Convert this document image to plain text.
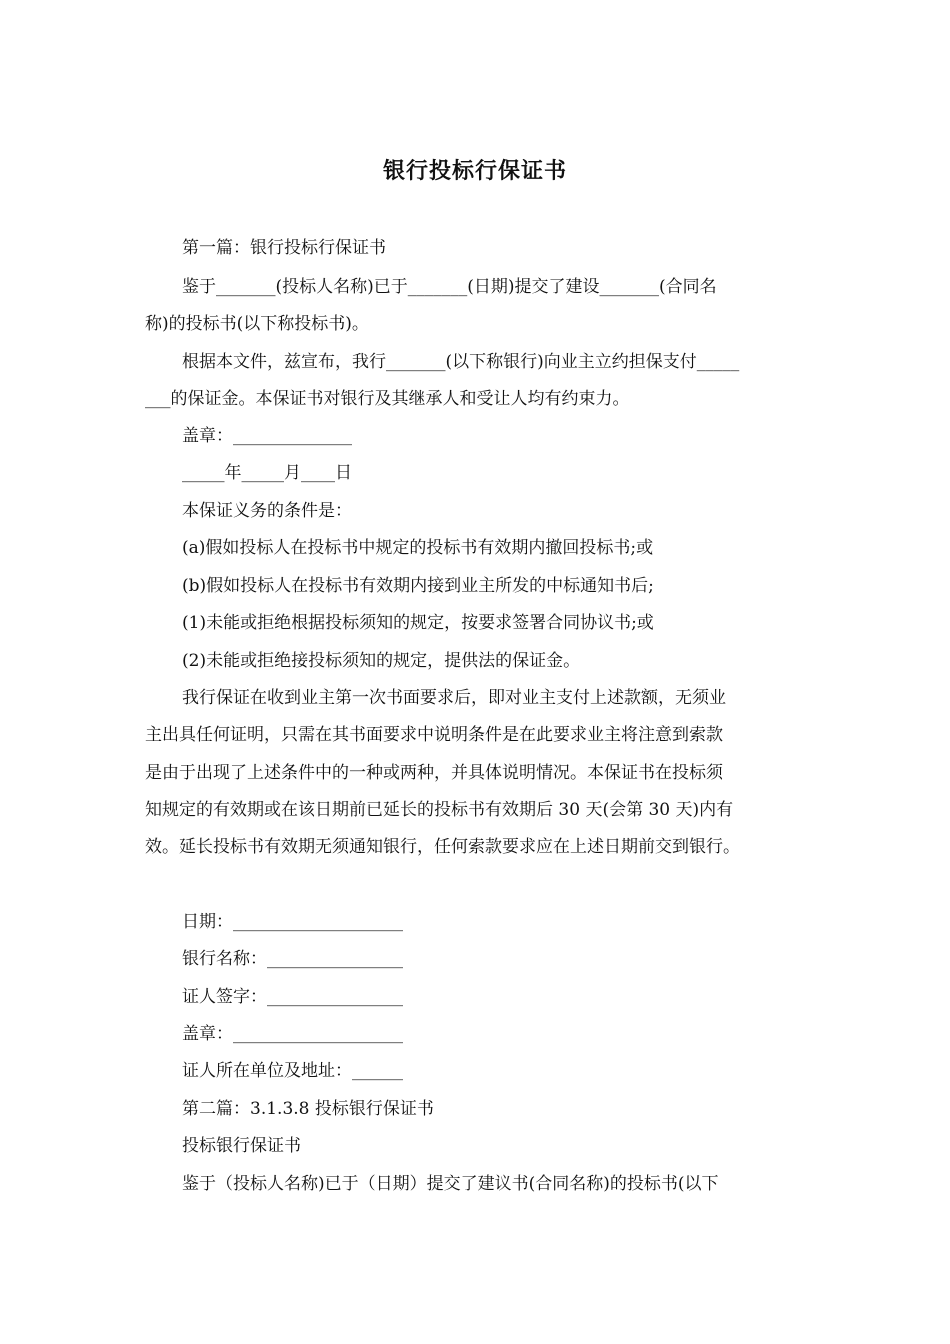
银行投标行保证书
第一篇：银行投标行保证书
鉴于_______(投标人名称)已于_______(日期)提交了建设_______(合同名
称)的投标书(以下称投标书)。
根据本文件，兹宣布，我行_______(以下称银行)向业主立约担保支付_____
___的保证金。本保证书对银行及其继承人和受让人均有约束力。
盖章：______________
_____年_____月____日
本保证义务的条件是：
(a)假如投标人在投标书中规定的投标书有效期内撤回投标书;或
(b)假如投标人在投标书有效期内接到业主所发的中标通知书后;
(1)未能或拒绝根据投标须知的规定，按要求签署合同协议书;或
(2)未能或拒绝接投标须知的规定，提供法的保证金。
我行保证在收到业主第一次书面要求后，即对业主支付上述款额，无须业
主出具任何证明，只需在其书面要求中说明条件是在此要求业主将注意到索款
是由于出现了上述条件中的一种或两种，并具体说明情况。本保证书在投标须
知规定的有效期或在该日期前已延长的投标书有效期后 30 天(会第 30 天)内有
效。延长投标书有效期无须通知银行，任何索款要求应在上述日期前交到银行。
日期：____________________
银行名称：________________
证人签字：________________
盖章：____________________
证人所在单位及地址：______
第二篇：3.1.3.8 投标银行保证书
投标银行保证书
鉴于（投标人名称)已于（日期）提交了建议书(合同名称)的投标书(以下
